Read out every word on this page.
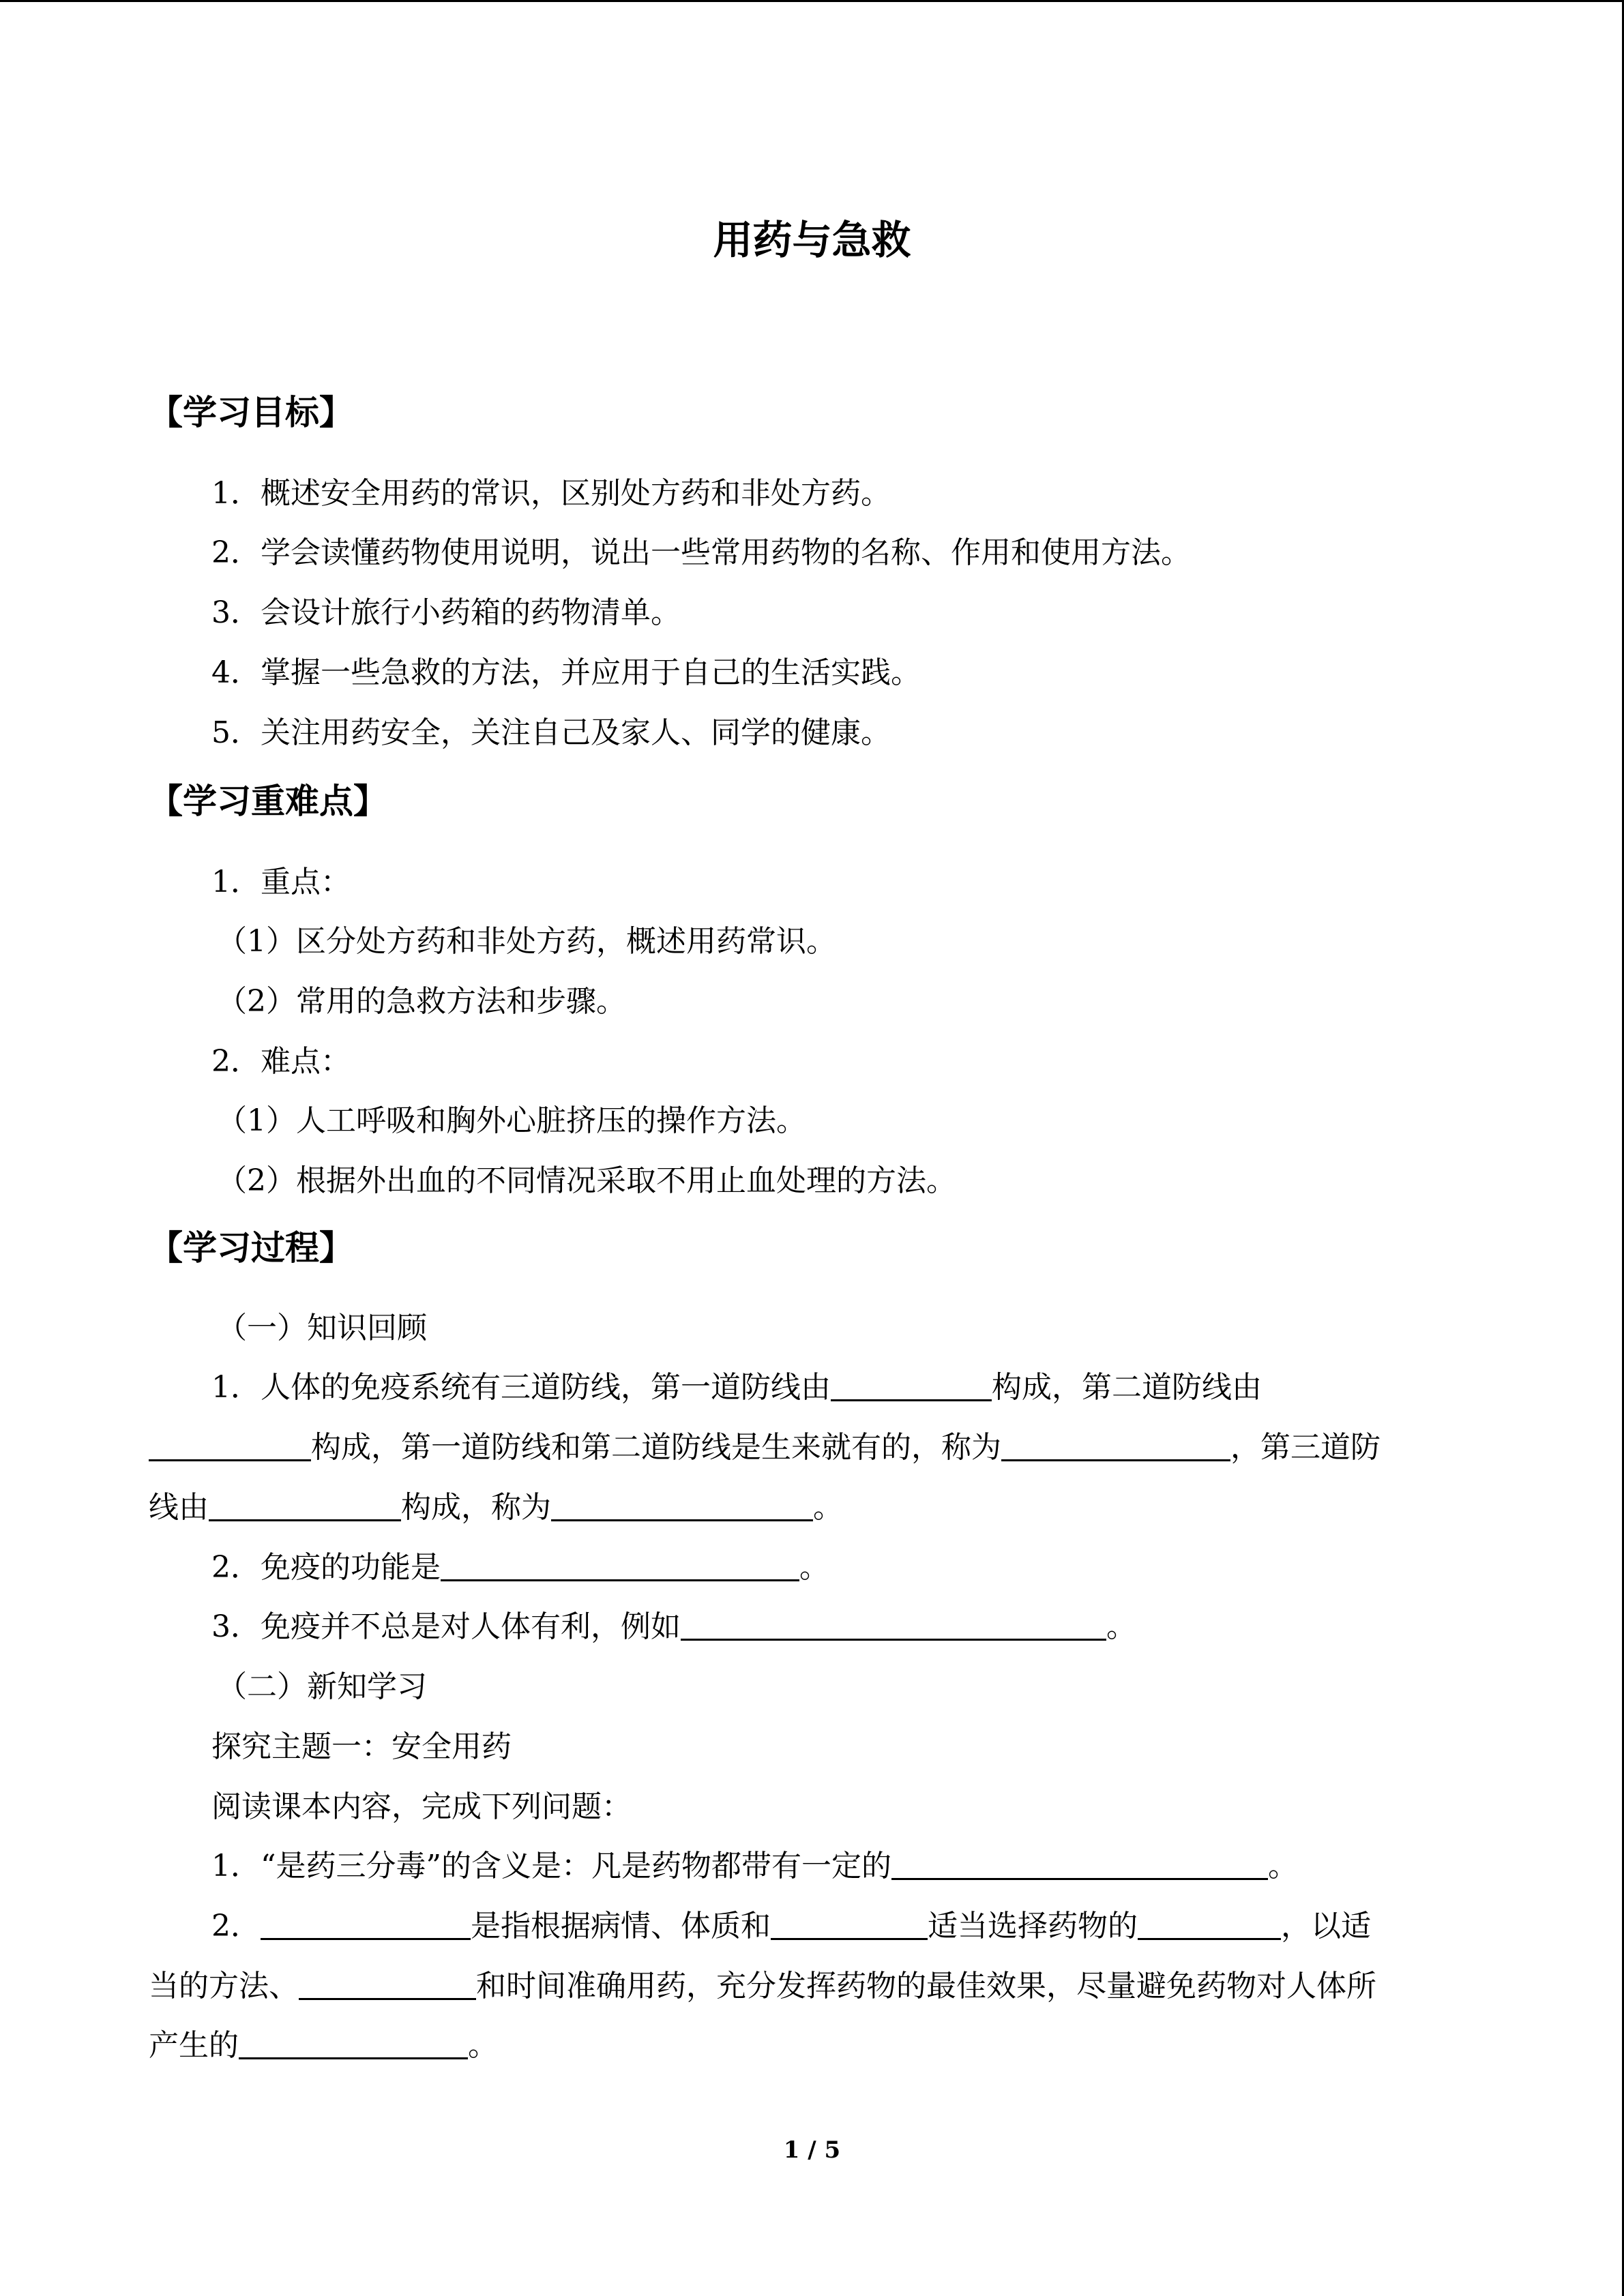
用药与急救
【学习目标】
1．概述安全用药的常识，区别处方药和非处方药。
2．学会读懂药物使用说明，说出一些常用药物的名称、作用和使用方法。
3．会设计旅行小药箱的药物清单。
4．掌握一些急救的方法，并应用于自己的生活实践。
5．关注用药安全，关注自己及家人、同学的健康。
【学习重难点】
1．重点：
（1）区分处方药和非处方药，概述用药常识。
（2）常用的急救方法和步骤。
2．难点：
（1）人工呼吸和胸外心脏挤压的操作方法。
（2）根据外出血的不同情况采取不用止血处理的方法。
【学习过程】
（一）知识回顾
1．人体的免疫系统有三道防线，第一道防线由	构成，第二道防线由
构成，第一道防线和第二道防线是生来就有的，称为	，第三道防
线由	构成，称为	。
2．免疫的功能是	。
3．免疫并不总是对人体有利，例如	。
（二）新知学习
探究主题一：安全用药
阅读课本内容，完成下列问题：
1．“是药三分毒”的含义是：凡是药物都带有一定的	。
2．	是指根据病情、体质和	适当选择药物的	，以适
当的方法、	和时间准确用药，充分发挥药物的最佳效果，尽量避免药物对人体所
产生的	。
1 / 5
